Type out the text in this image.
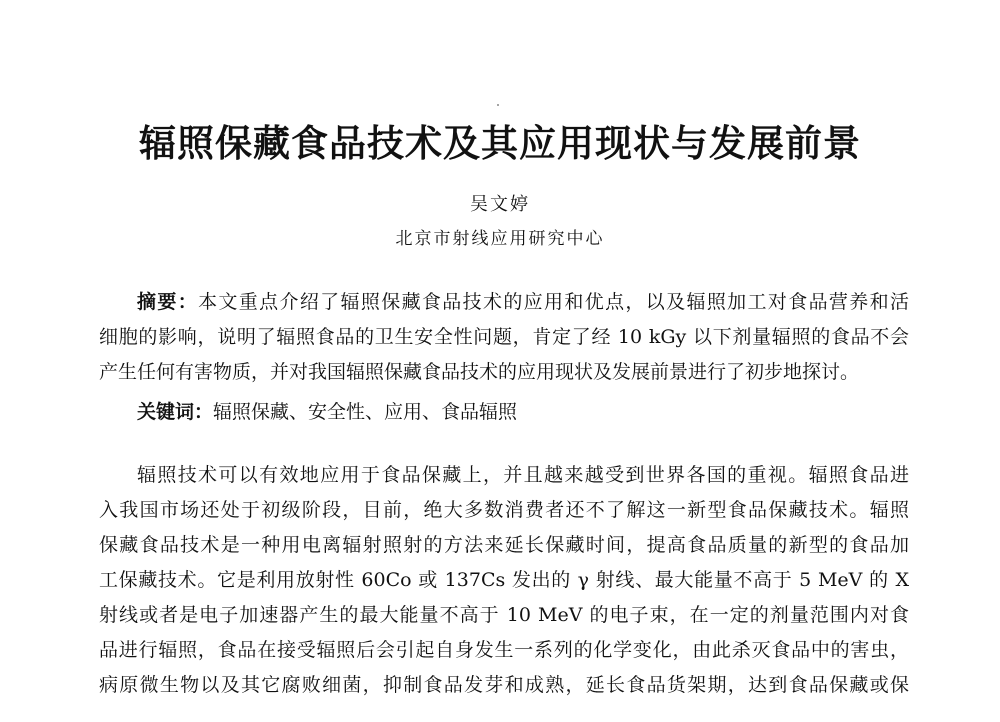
辐照保藏食品技术及其应用现状与发展前景

吴文婷

北京市射线应用研究中心

摘要：本文重点介绍了辐照保藏食品技术的应用和优点，以及辐照加工对食品营养和活
细胞的影响，说明了辐照食品的卫生安全性问题，肯定了经 10 kGy 以下剂量辐照的食品不会
产生任何有害物质，并对我国辐照保藏食品技术的应用现状及发展前景进行了初步地探讨。
关键词：辐照保藏、安全性、应用、食品辐照
辐照技术可以有效地应用于食品保藏上，并且越来越受到世界各国的重视。辐照食品进
入我国市场还处于初级阶段，目前，绝大多数消费者还不了解这一新型食品保藏技术。辐照
保藏食品技术是一种用电离辐射照射的方法来延长保藏时间，提高食品质量的新型的食品加
工保藏技术。它是利用放射性 60Co 或 137Cs 发出的 γ 射线、最大能量不高于 5 MeV 的 X
射线或者是电子加速器产生的最大能量不高于 10 MeV 的电子束，在一定的剂量范围内对食
品进行辐照，食品在接受辐照后会引起自身发生一系列的化学变化，由此杀灭食品中的害虫，
病原微生物以及其它腐败细菌，抑制食品发芽和成熟，延长食品货架期，达到食品保藏或保
